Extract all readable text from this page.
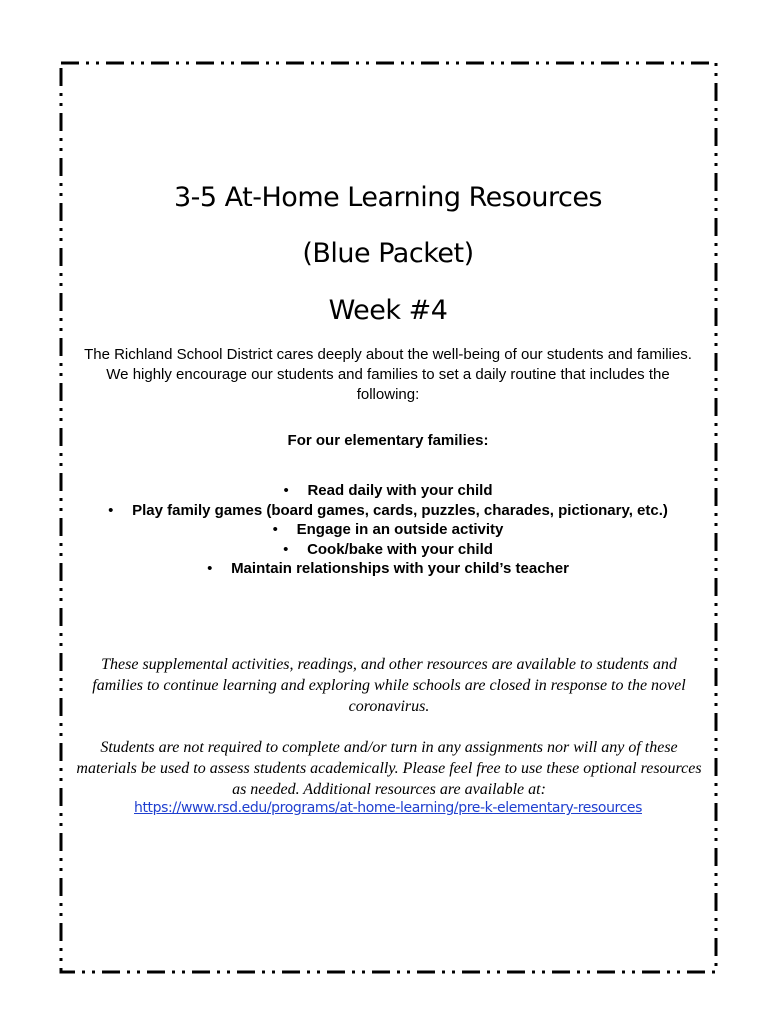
3-5 At-Home Learning Resources
(Blue Packet)
Week #4

The Richland School District cares deeply about the well-being of our students and families. We highly encourage our students and families to set a daily routine that includes the following:

For our elementary families:

• Read daily with your child
• Play family games (board games, cards, puzzles, charades, pictionary, etc.)
• Engage in an outside activity
• Cook/bake with your child
• Maintain relationships with your child’s teacher

These supplemental activities, readings, and other resources are available to students and families to continue learning and exploring while schools are closed in response to the novel coronavirus.

Students are not required to complete and/or turn in any assignments nor will any of these materials be used to assess students academically. Please feel free to use these optional resources as needed. Additional resources are available at:

https://www.rsd.edu/programs/at-home-learning/pre-k-elementary-resources
